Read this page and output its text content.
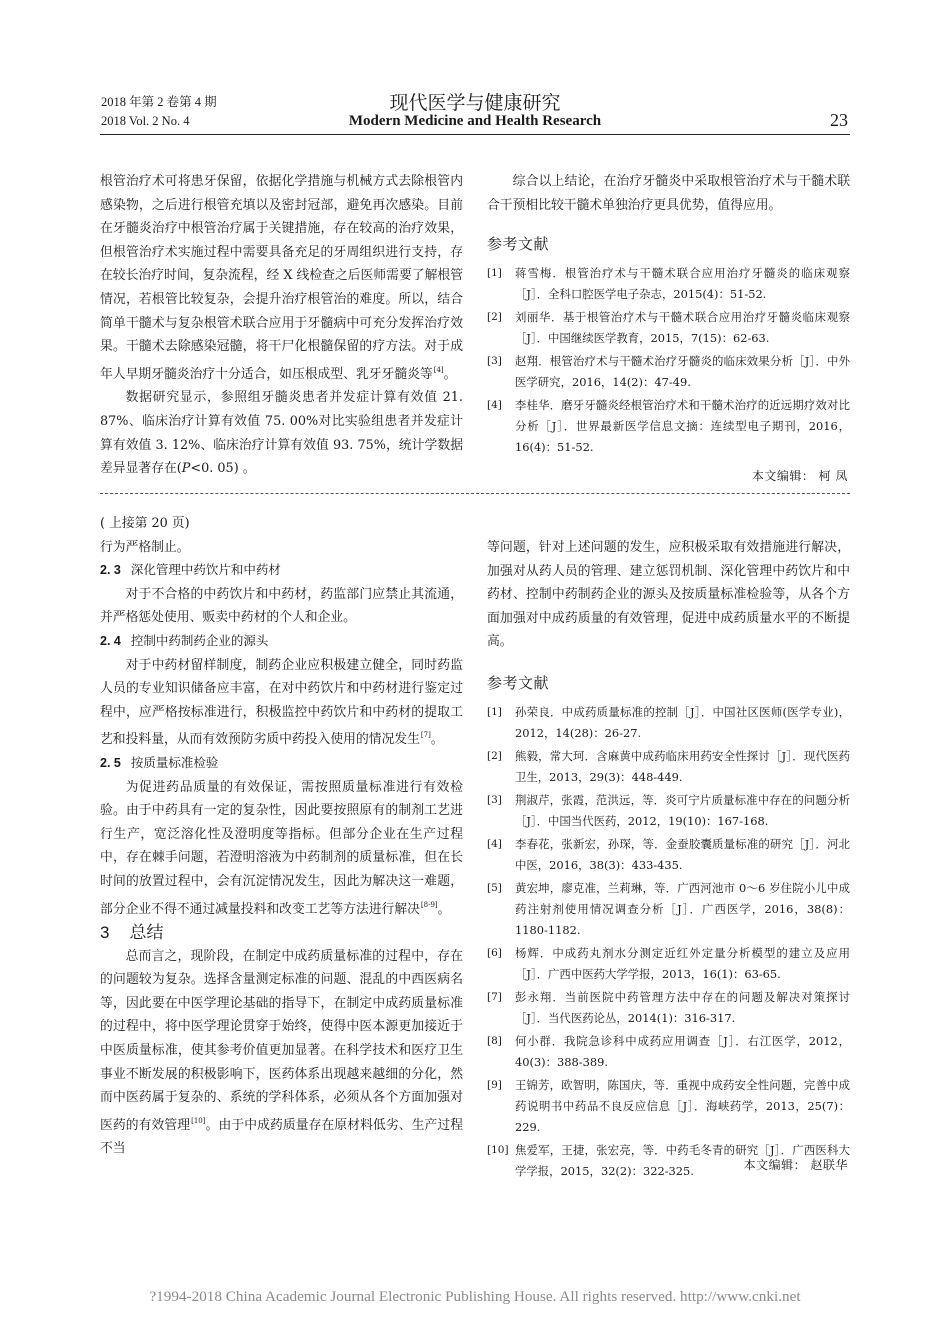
2018 年第 2 卷第 4 期
2018 Vol. 2 No. 4
现代医学与健康研究
Modern Medicine and Health Research	23

根管治疗术可将患牙保留，依据化学措施与机械方式去除根管内感染物，之后进行根管充填以及密封冠部，避免再次感染。目前在牙髓炎治疗中根管治疗属于关键措施，存在较高的治疗效果，但根管治疗术实施过程中需要具备充足的牙周组织进行支持，存在较长治疗时间，复杂流程，经 X 线检查之后医师需要了解根管情况，若根管比较复杂，会提升治疗根管治的难度。所以，结合简单干髓术与复杂根管术联合应用于牙髓病中可充分发挥治疗效果。干髓术去除感染冠髓，将干尸化根髓保留的疗方法。对于成年人早期牙髓炎治疗十分适合，如压根成型、乳牙牙髓炎等[4]。

数据研究显示，参照组牙髓炎患者并发症计算有效值 21. 87%、临床治疗计算有效值 75. 00%对比实验组患者并发症计算有效值 3. 12%、临床治疗计算有效值 93. 75%，统计学数据差异显著存在(P<0. 05) 。

综合以上结论，在治疗牙髓炎中采取根管治疗术与干髓术联合干预相比较干髓术单独治疗更具优势，值得应用。

参考文献
[1]	蒋雪梅．根管治疗术与干髓术联合应用治疗牙髓炎的临床观察［J］．全科口腔医学电子杂志，2015(4)：51-52.
[2]	刘丽华．基于根管治疗术与干髓术联合应用治疗牙髓炎临床观察［J］．中国继续医学教育，2015，7(15)：62-63.
[3]	赵翔．根管治疗术与干髓术治疗牙髓炎的临床效果分析［J］．中外医学研究，2016，14(2)：47-49.
[4]	李桂华．磨牙牙髓炎经根管治疗术和干髓术治疗的近远期疗效对比分析［J］．世界最新医学信息文摘：连续型电子期刊，2016，16(4)：51-52.
本文编辑： 柯 凤

( 上接第 20 页)

行为严格制止。

2. 3 深化管理中药饮片和中药材

对于不合格的中药饮片和中药材，药监部门应禁止其流通，并严格惩处使用、贩卖中药材的个人和企业。

2. 4 控制中药制药企业的源头

对于中药材留样制度，制药企业应积极建立健全，同时药监人员的专业知识储备应丰富，在对中药饮片和中药材进行鉴定过程中，应严格按标准进行，积极监控中药饮片和中药材的提取工艺和投料量，从而有效预防劣质中药投入使用的情况发生[7]。

2. 5 按质量标准检验

为促进药品质量的有效保证，需按照质量标准进行有效检验。由于中药具有一定的复杂性，因此要按照原有的制剂工艺进行生产，宽泛溶化性及澄明度等指标。但部分企业在生产过程中，存在棘手问题，若澄明溶液为中药制剂的质量标准，但在长时间的放置过程中，会有沉淀情况发生，因此为解决这一难题，部分企业不得不通过减量投料和改变工艺等方法进行解决[8-9]。

3 总结

总而言之，现阶段，在制定中成药质量标准的过程中，存在的问题较为复杂。选择含量测定标准的问题、混乱的中西医病名等，因此要在中医学理论基础的指导下，在制定中成药质量标准的过程中，将中医学理论贯穿于始终，使得中医本源更加接近于中医质量标准，使其参考价值更加显著。在科学技术和医疗卫生事业不断发展的积极影响下，医药体系出现越来越细的分化，然而中医药属于复杂的、系统的学科体系，必须从各个方面加强对医药的有效管理[10]。由于中成药质量存在原材料低劣、生产过程不当

等问题，针对上述问题的发生，应积极采取有效措施进行解决，加强对从药人员的管理、建立惩罚机制、深化管理中药饮片和中药材、控制中药制药企业的源头及按质量标准检验等，从各个方面加强对中成药质量的有效管理，促进中成药质量水平的不断提高。

参考文献
[1]	孙荣良．中成药质量标准的控制［J］．中国社区医师(医学专业)，2012，14(28)：26-27.
[2]	熊毅，常大珂．含麻黄中成药临床用药安全性探讨［J］．现代医药卫生，2013，29(3)：448-449.
[3]	荆淑芹，张霞，范洪远，等．炎可宁片质量标准中存在的问题分析［J］．中国当代医药，2012，19(10)：167-168.
[4]	李春花，张新宏，孙琛，等．金蚕胶囊质量标准的研究［J］．河北中医，2016，38(3)：433-435.
[5]	黄宏坤，廖克准，兰莉琳，等．广西河池市 0～6 岁住院小儿中成药注射剂使用情况调查分析［J］．广西医学，2016，38(8)：1180-1182.
[6]	杨辉．中成药丸剂水分测定近红外定量分析模型的建立及应用［J］．广西中医药大学学报，2013，16(1)：63-65.
[7]	彭永翔．当前医院中药管理方法中存在的问题及解决对策探讨［J］．当代医药论丛，2014(1)：316-317.
[8]	何小群．我院急诊科中成药应用调查［J］．右江医学，2012，40(3)：388-389.
[9]	王锦芳，欧智明，陈国庆，等．重视中成药安全性问题，完善中成药说明书中药品不良反应信息［J］．海峡药学，2013，25(7)：229.
[10] 焦爱军，王捷，张宏亮，等．中药毛冬青的研究［J］．广西医科大学学报，2015，32(2)：322-325.	本文编辑： 赵联华
?1994-2018 China Academic Journal Electronic Publishing House. All rights reserved. http://www.cnki.net
